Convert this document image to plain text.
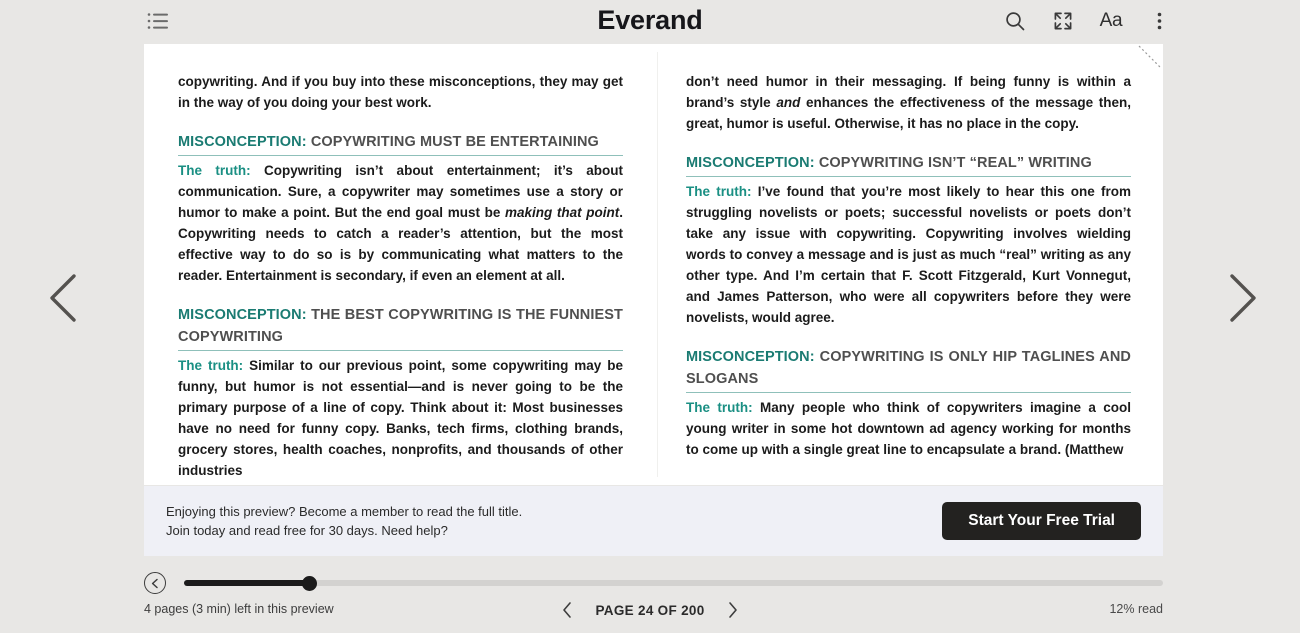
Everand	Aa

copywriting. And if you buy into these misconceptions, they may get in the way of you doing your best work.

MISCONCEPTION: COPYWRITING MUST BE ENTERTAINING

The truth: Copywriting isn’t about entertainment; it’s about communication. Sure, a copywriter may sometimes use a story or humor to make a point. But the end goal must be making that point. Copywriting needs to catch a reader’s attention, but the most effective way to do so is by communicating what matters to the reader. Entertainment is secondary, if even an element at all.

MISCONCEPTION: THE BEST COPYWRITING IS THE FUNNIEST COPYWRITING

The truth: Similar to our previous point, some copywriting may be funny, but humor is not essential—and is never going to be the primary purpose of a line of copy. Think about it: Most businesses have no need for funny copy. Banks, tech firms, clothing brands, grocery stores, health coaches, nonprofits, and thousands of other industries

don’t need humor in their messaging. If being funny is within a brand’s style and enhances the effectiveness of the message then, great, humor is useful. Otherwise, it has no place in the copy.

MISCONCEPTION: COPYWRITING ISN’T “REAL” WRITING

The truth: I’ve found that you’re most likely to hear this one from struggling novelists or poets; successful novelists or poets don’t take any issue with copywriting. Copywriting involves wielding words to convey a message and is just as much “real” writing as any other type. And I’m certain that F. Scott Fitzgerald, Kurt Vonnegut, and James Patterson, who were all copywriters before they were novelists, would agree.

MISCONCEPTION: COPYWRITING IS ONLY HIP TAGLINES AND SLOGANS

The truth: Many people who think of copywriters imagine a cool young writer in some hot downtown ad agency working for months to come up with a single great line to encapsulate a brand. (Matthew

Enjoying this preview? Become a member to read the full title.
Join today and read free for 30 days. Need help?
Start Your Free Trial
4 pages (3 min) left in this preview	12% read
PAGE 24 OF 200
